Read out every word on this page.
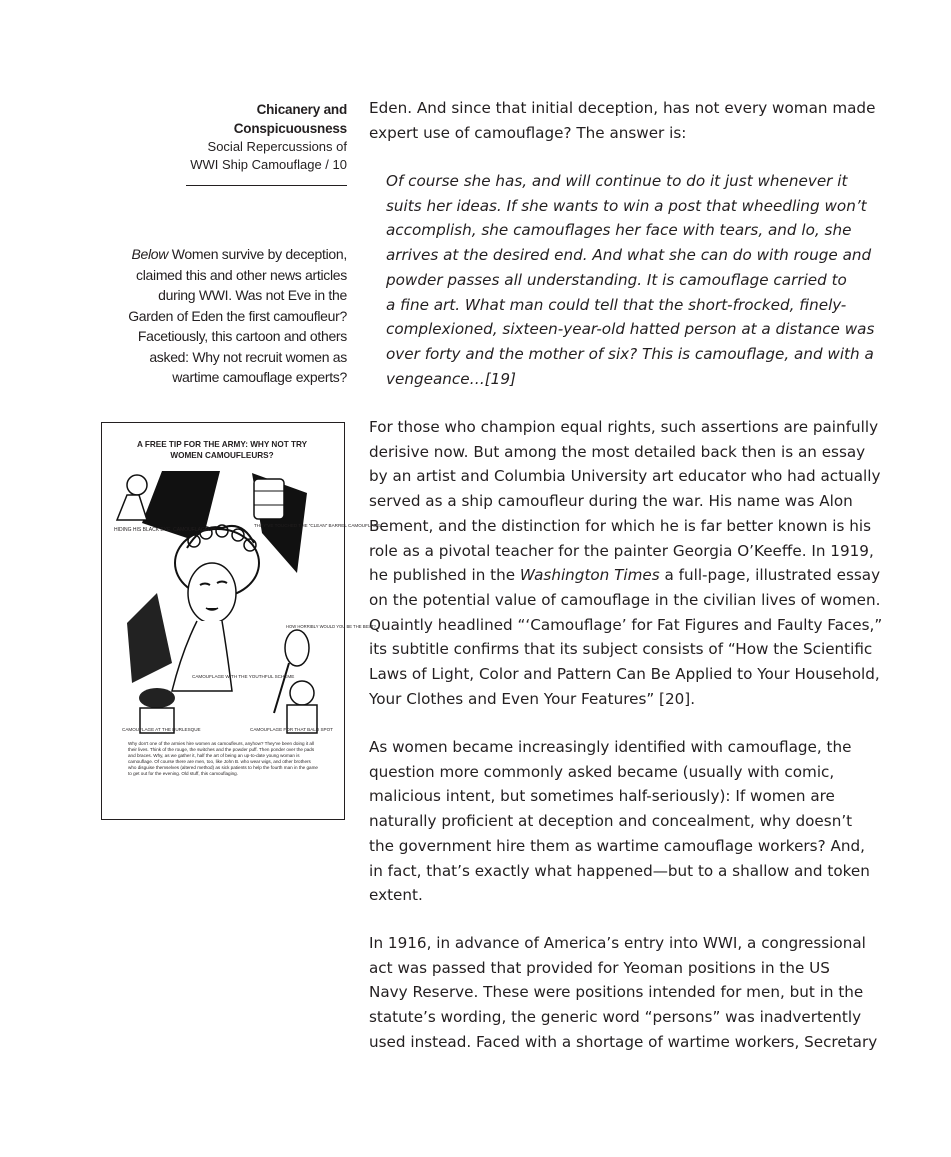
Chicanery and
Conspicuousness
Social Repercussions of
WWI Ship Camouflage / 10
Below Women survive by deception,
claimed this and other news articles
during WWI. Was not Eve in the
Garden of Eden the first camoufleur?
Facetiously, this cartoon and others
asked: Why not recruit women as
wartime camouflage experts?
A FREE TIP FOR THE ARMY: WHY NOT TRY
WOMEN CAMOUFLEURS?
HIDING HIS BLACK EYE, CAMOUFLAGED.
THEY’VE TOUCHED THE “CLEAN” BARREL CAMOUFLAGE.
HOW HORRIBLY WOULD YOU BE THE BEST?
CAMOUFLAGE WITH THE YOUTHFUL SCHEME
CAMOUFLAGE AT THE BURLESQUE	CAMOUFLAGE FOR THAT BALD SPOT
Why don't one of the armies hire women as camoufleurs, anyhow? They've been doing it all their lives. Think of the rouge, the switches and the powder puff. Then ponder over the pads and braces. Why, as we gather it, half the art of being an up-to-date young woman is camouflage. Of course there are men, too, like John B. who wear wigs, and other brothers who disguise themselves (altered method) as sick patients to help the fourth man in the game to get out for the evening. Old stuff, this camouflaging.
Eden. And since that initial deception, has not every woman made
expert use of camouflage? The answer is:
Of course she has, and will continue to do it just whenever it
suits her ideas. If she wants to win a post that wheedling won’t
accomplish, she camouflages her face with tears, and lo, she
arrives at the desired end. And what she can do with rouge and
powder passes all understanding. It is camouflage carried to
a fine art. What man could tell that the short-frocked, finely-
complexioned, sixteen-year-old hatted person at a distance was
over forty and the mother of six? This is camouflage, and with a
vengeance…[19]
For those who champion equal rights, such assertions are painfully
derisive now. But among the most detailed back then is an essay
by an artist and Columbia University art educator who had actually
served as a ship camoufleur during the war. His name was Alon
Bement, and the distinction for which he is far better known is his
role as a pivotal teacher for the painter Georgia O’Keeffe. In 1919,
he published in the Washington Times a full-page, illustrated essay
on the potential value of camouflage in the civilian lives of women.
Quaintly headlined “‘Camouflage’ for Fat Figures and Faulty Faces,”
its subtitle confirms that its subject consists of “How the Scientific
Laws of Light, Color and Pattern Can Be Applied to Your Household,
Your Clothes and Even Your Features” [20].
As women became increasingly identified with camouflage, the
question more commonly asked became (usually with comic,
malicious intent, but sometimes half-seriously): If women are
naturally proficient at deception and concealment, why doesn’t
the government hire them as wartime camouflage workers? And,
in fact, that’s exactly what happened—but to a shallow and token
extent.
In 1916, in advance of America’s entry into WWI, a congressional
act was passed that provided for Yeoman positions in the US
Navy Reserve. These were positions intended for men, but in the
statute’s wording, the generic word “persons” was inadvertently
used instead. Faced with a shortage of wartime workers, Secretary
